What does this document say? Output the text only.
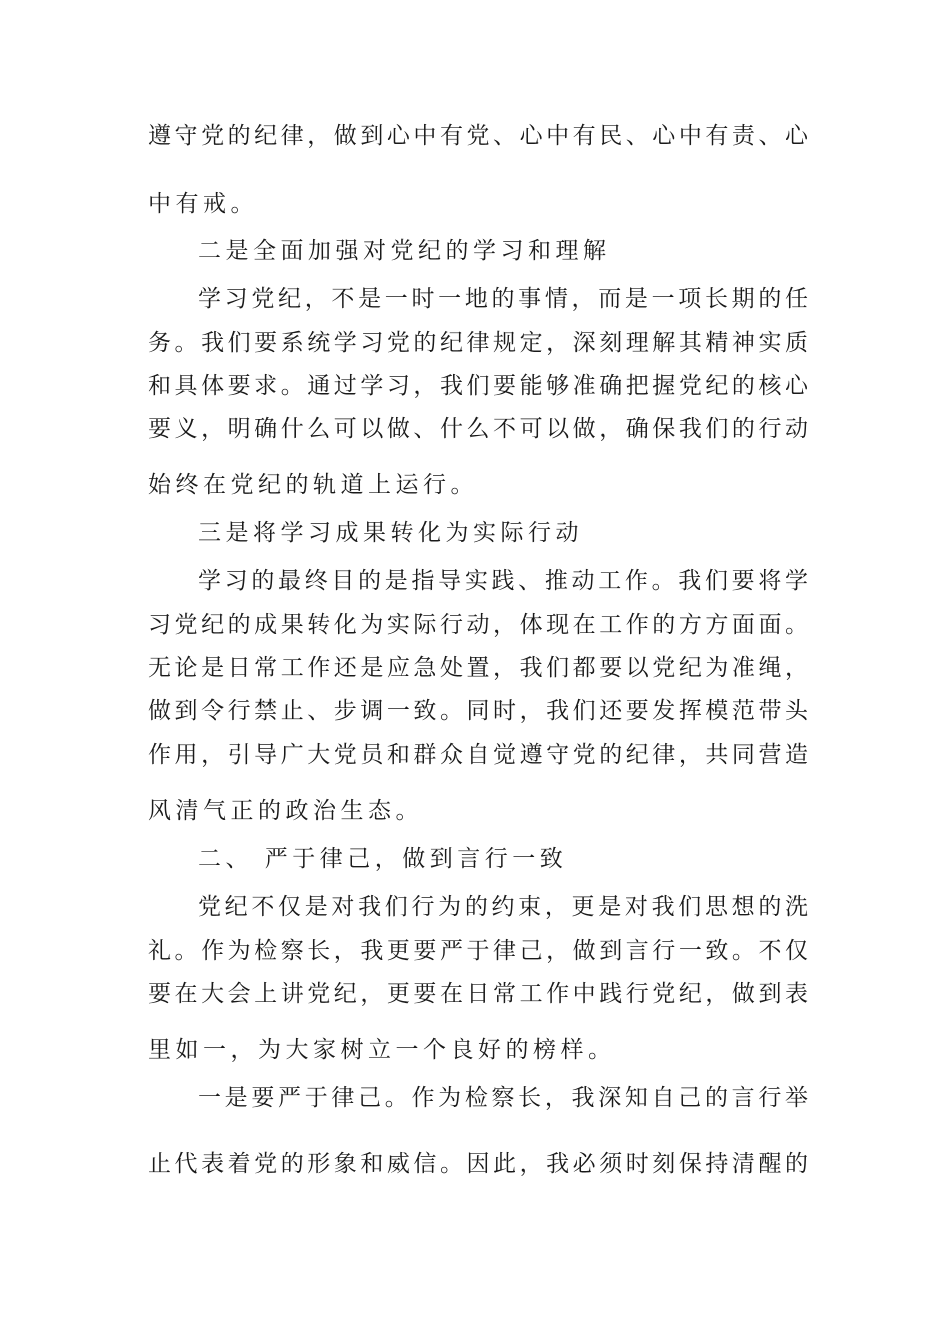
遵守党的纪律，做到心中有党、心中有民、心中有责、心
中有戒。
二是全面加强对党纪的学习和理解
学习党纪，不是一时一地的事情，而是一项长期的任
务。我们要系统学习党的纪律规定，深刻理解其精神实质
和具体要求。通过学习，我们要能够准确把握党纪的核心
要义，明确什么可以做、什么不可以做，确保我们的行动
始终在党纪的轨道上运行。
三是将学习成果转化为实际行动
学习的最终目的是指导实践、推动工作。我们要将学
习党纪的成果转化为实际行动，体现在工作的方方面面。
无论是日常工作还是应急处置，我们都要以党纪为准绳，
做到令行禁止、步调一致。同时，我们还要发挥模范带头
作用，引导广大党员和群众自觉遵守党的纪律，共同营造
风清气正的政治生态。
二、 严于律己，做到言行一致
党纪不仅是对我们行为的约束，更是对我们思想的洗
礼。作为检察长，我更要严于律己，做到言行一致。不仅
要在大会上讲党纪，更要在日常工作中践行党纪，做到表
里如一，为大家树立一个良好的榜样。
一是要严于律己。作为检察长，我深知自己的言行举
止代表着党的形象和威信。因此，我必须时刻保持清醒的
